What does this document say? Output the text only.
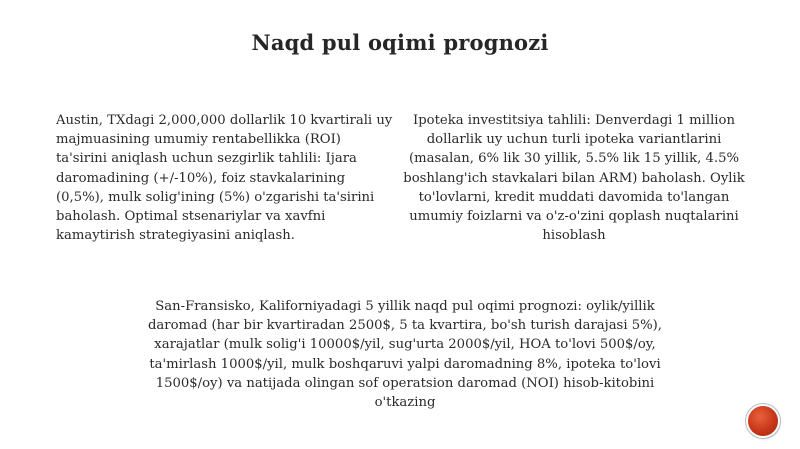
Naqd pul oqimi prognozi
Austin, TXdagi 2,000,000 dollarlik 10 kvartirali uy majmuasining umumiy rentabellikka (ROI) ta'sirini aniqlash uchun sezgirlik tahlili: Ijara daromadining (+/-10%), foiz stavkalarining (0,5%), mulk solig'ining (5%) o'zgarishi ta'sirini baholash. Optimal stsenariylar va xavfni kamaytirish strategiyasini aniqlash.
Ipoteka investitsiya tahlili: Denverdagi 1 million dollarlik uy uchun turli ipoteka variantlarini (masalan, 6% lik 30 yillik, 5.5% lik 15 yillik, 4.5% boshlang'ich stavkalari bilan ARM) baholash. Oylik to'lovlarni, kredit muddati davomida to'langan umumiy foizlarni va o'z-o'zini qoplash nuqtalarini hisoblash
San-Fransisko, Kaliforniyadagi 5 yillik naqd pul oqimi prognozi: oylik/yillik daromad (har bir kvartiradan 2500$, 5 ta kvartira, bo'sh turish darajasi 5%), xarajatlar (mulk solig'i 10000$/yil, sug'urta 2000$/yil, HOA to'lovi 500$/oy, ta'mirlash 1000$/yil, mulk boshqaruvi yalpi daromadning 8%, ipoteka to'lovi 1500$/oy) va natijada olingan sof operatsion daromad (NOI) hisob-kitobini o'tkazing
